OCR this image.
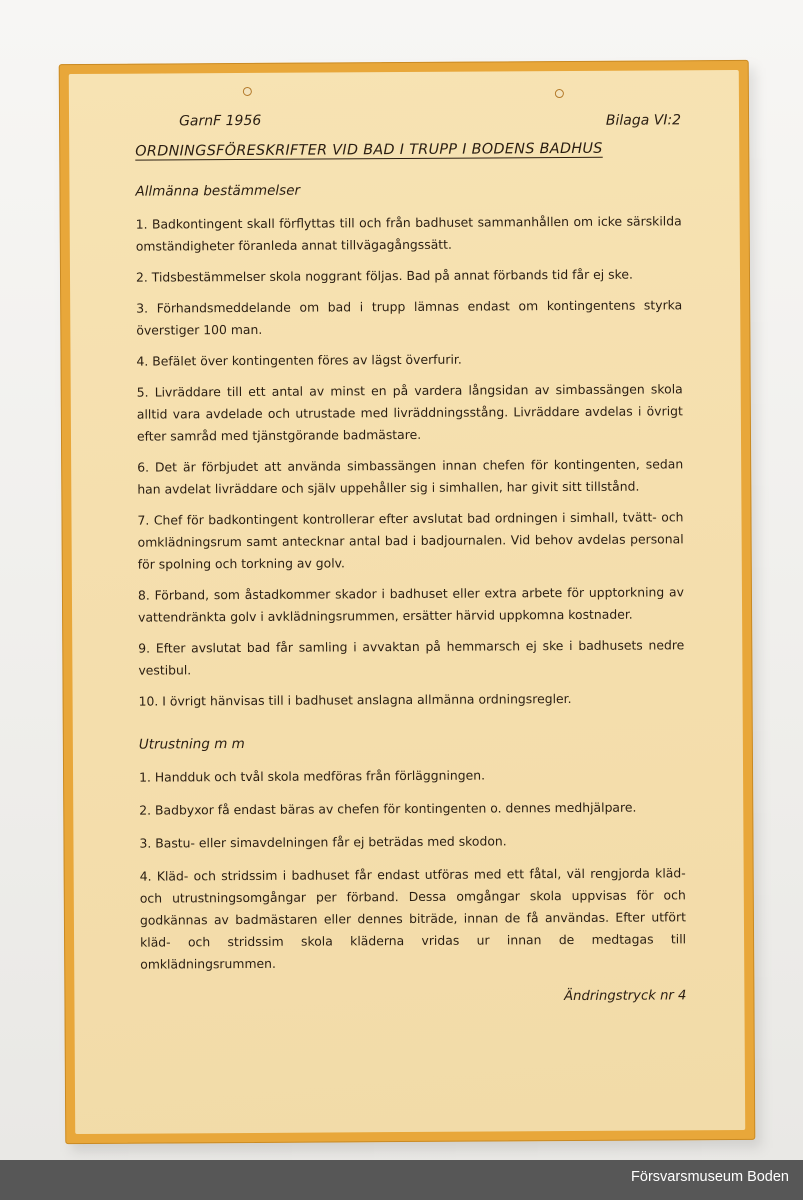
GarnF 1956	Bilaga VI:2
ORDNINGSFÖRESKRIFTER VID BAD I TRUPP I BODENS BADHUS
Allmänna bestämmelser

1. Badkontingent skall förflyttas till och från badhuset sammanhållen om icke särskilda omständigheter föranleda annat tillvägagångssätt.

2. Tidsbestämmelser skola noggrant följas. Bad på annat förbands tid får ej ske.

3. Förhandsmeddelande om bad i trupp lämnas endast om kontingentens styrka överstiger 100 man.

4. Befälet över kontingenten föres av lägst överfurir.

5. Livräddare till ett antal av minst en på vardera långsidan av simbassängen skola alltid vara avdelade och utrustade med livräddningsstång. Livräddare avdelas i övrigt efter samråd med tjänstgörande badmästare.

6. Det är förbjudet att använda simbassängen innan chefen för kontingenten, sedan han avdelat livräddare och själv uppehåller sig i simhallen, har givit sitt tillstånd.

7. Chef för badkontingent kontrollerar efter avslutat bad ordningen i simhall, tvätt- och omklädningsrum samt antecknar antal bad i badjournalen. Vid behov avdelas personal för spolning och torkning av golv.

8. Förband, som åstadkommer skador i badhuset eller extra arbete för upptorkning av vattendränkta golv i avklädningsrummen, ersätter härvid uppkomna kostnader.

9. Efter avslutat bad får samling i avvaktan på hemmarsch ej ske i badhusets nedre vestibul.

10. I övrigt hänvisas till i badhuset anslagna allmänna ordningsregler.

Utrustning m m

1. Handduk och tvål skola medföras från förläggningen.

2. Badbyxor få endast bäras av chefen för kontingenten o. dennes medhjälpare.

3. Bastu- eller simavdelningen får ej beträdas med skodon.

4. Kläd- och stridssim i badhuset får endast utföras med ett fåtal, väl rengjorda kläd- och utrustningsomgångar per förband. Dessa omgångar skola uppvisas för och godkännas av badmästaren eller dennes biträde, innan de få användas. Efter utfört kläd- och stridssim skola kläderna vridas ur innan de medtagas till omklädningsrummen.

Ändringstryck nr 4
Försvarsmuseum Boden
